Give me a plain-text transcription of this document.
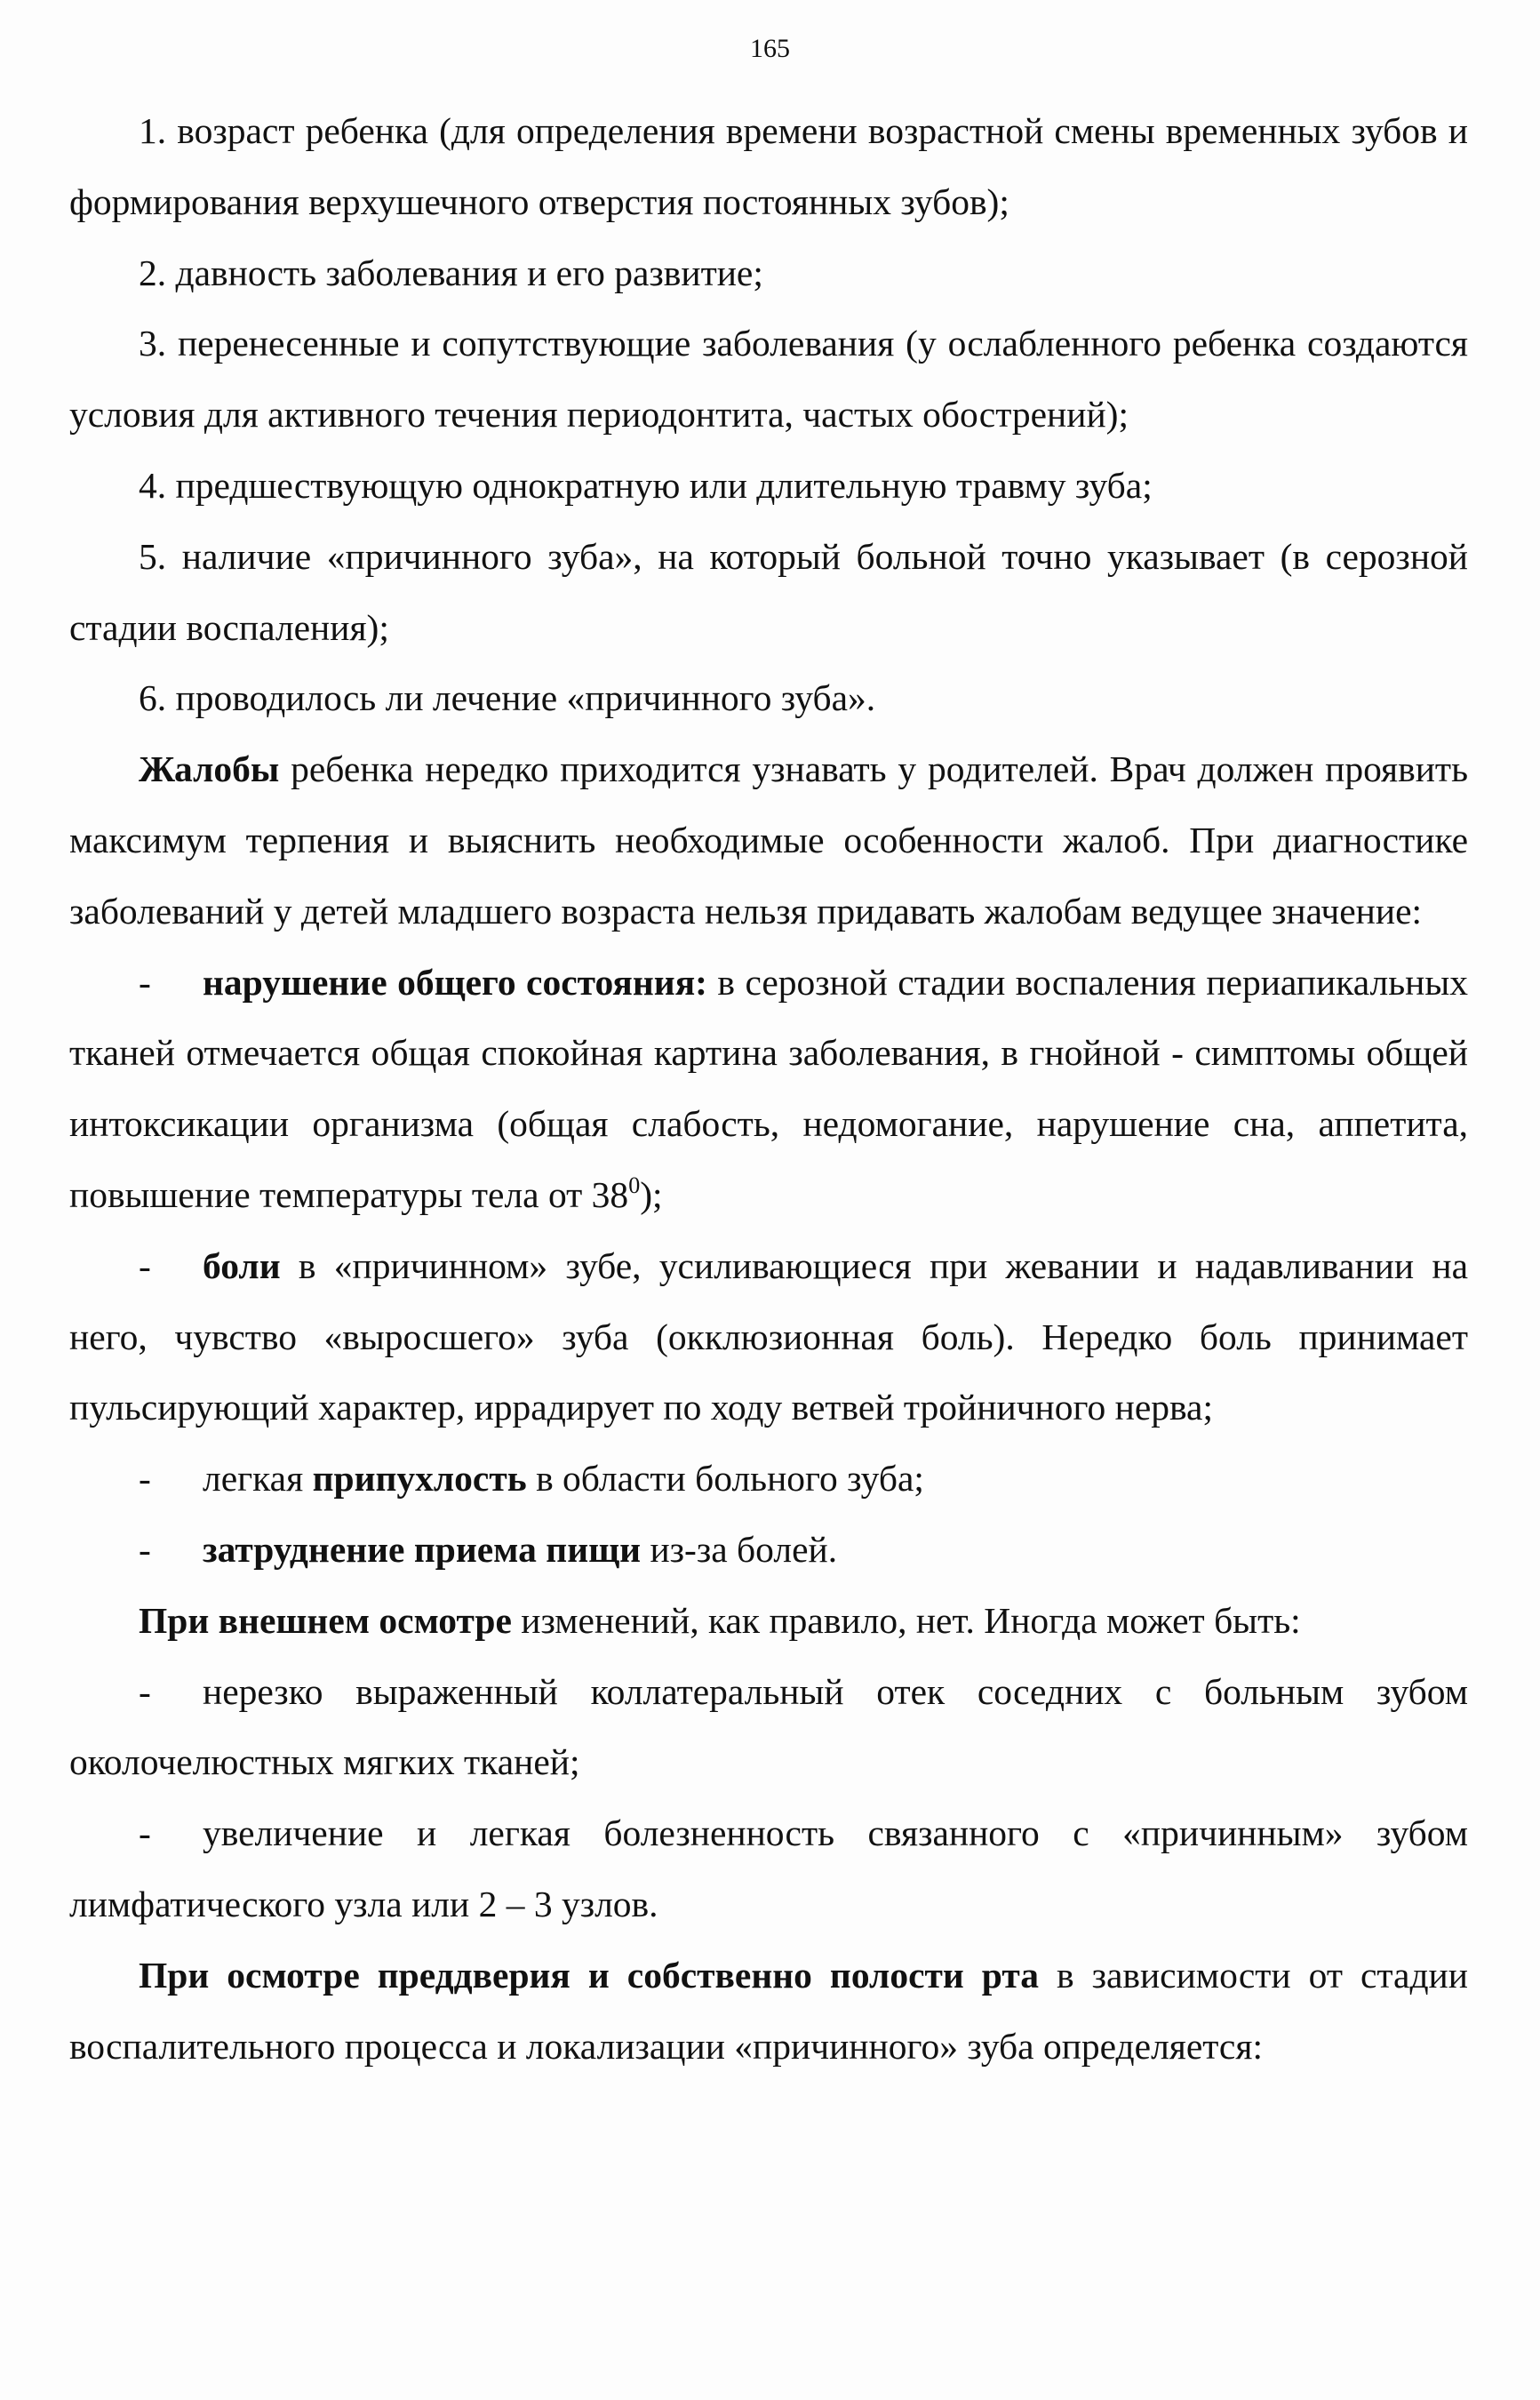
165

1. возраст ребенка (для определения времени возрастной смены временных зубов и формирования верхушечного отверстия постоянных зубов);

2. давность заболевания и его развитие;

3. перенесенные и сопутствующие заболевания (у ослабленного ребенка создаются условия для активного течения периодонтита, частых обострений);

4. предшествующую однократную или длительную травму зуба;

5. наличие «причинного зуба», на который больной точно указывает (в серозной стадии воспаления);

6. проводилось ли лечение «причинного зуба».

Жалобы ребенка нередко приходится узнавать у родителей. Врач должен проявить максимум терпения и выяснить необходимые особенности жалоб. При диагностике заболеваний у детей младшего возраста нельзя придавать жалобам ведущее значение:

- нарушение общего состояния: в серозной стадии воспаления периапикальных тканей отмечается общая спокойная картина заболевания, в гнойной - симптомы общей интоксикации организма (общая слабость, недомогание, нарушение сна, аппетита, повышение температуры тела от $38^0$);

- боли в «причинном» зубе, усиливающиеся при жевании и надавливании на него, чувство «выросшего» зуба (окклюзионная боль). Нередко боль принимает пульсирующий характер, иррадирует по ходу ветвей тройничного нерва;

- легкая припухлость в области больного зуба;

- затруднение приема пищи из-за болей.

При внешнем осмотре изменений, как правило, нет. Иногда может быть:

- нерезко выраженный коллатеральный отек соседних с больным зубом околочелюстных мягких тканей;

- увеличение и легкая болезненность связанного с «причинным» зубом лимфатического узла или 2 – 3 узлов.

При осмотре преддверия и собственно полости рта в зависимости от стадии воспалительного процесса и локализации «причинного» зуба определяется:
